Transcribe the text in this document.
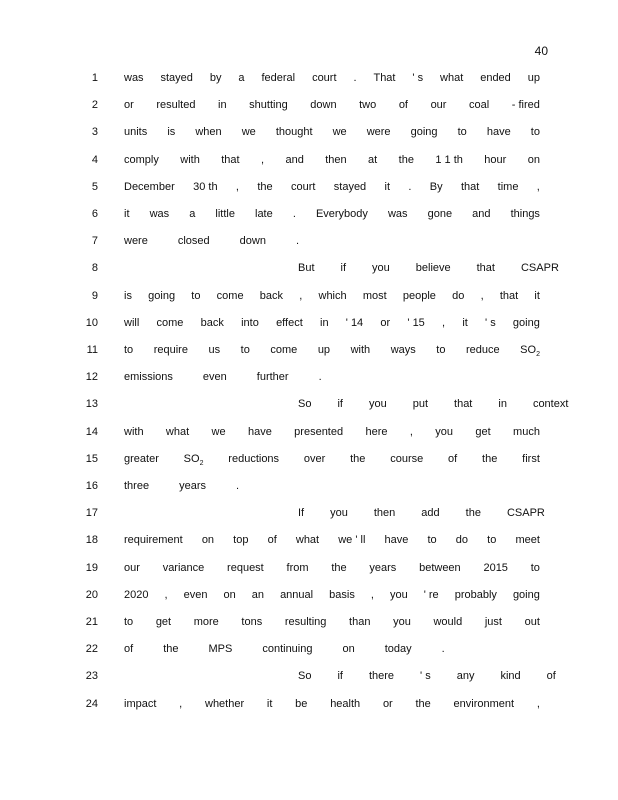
40
1 was stayed by a federal court . That ' s what ended up
2 or resulted in shutting down two of our coal - fired
3 units is when we thought we were going to have to
4 comply with that , and then at the 1 1 th hour on
5 December 30 th , the court stayed it . By that time ,
6 it was a little late . Everybody was gone and things
7 were	closed	down	.
8	But if you believe that CSAPR
9 is going to come back , which most people do , that it
10 will come back into effect in ' 14 or ' 15 , it ' s going
11 to require us to come up with ways to reduce $SO_2$
12 emissions	even	further	.
13	So if you put that in context
14 with what we have presented here , you get much
15 greater $SO_2$ reductions over the course of the first
16 three	years	.
17	If you then add the CSAPR
18 requirement on top of what we ' ll have to do to meet
19 our variance request from the years between 2015 to
20 2020 , even on an annual basis , you ' re probably going
21 to get more tons resulting than you would just out
22 of	the	MPS	continuing	on	today	.
23	So if there ' s any kind of
24 impact , whether it be health or the environment ,
